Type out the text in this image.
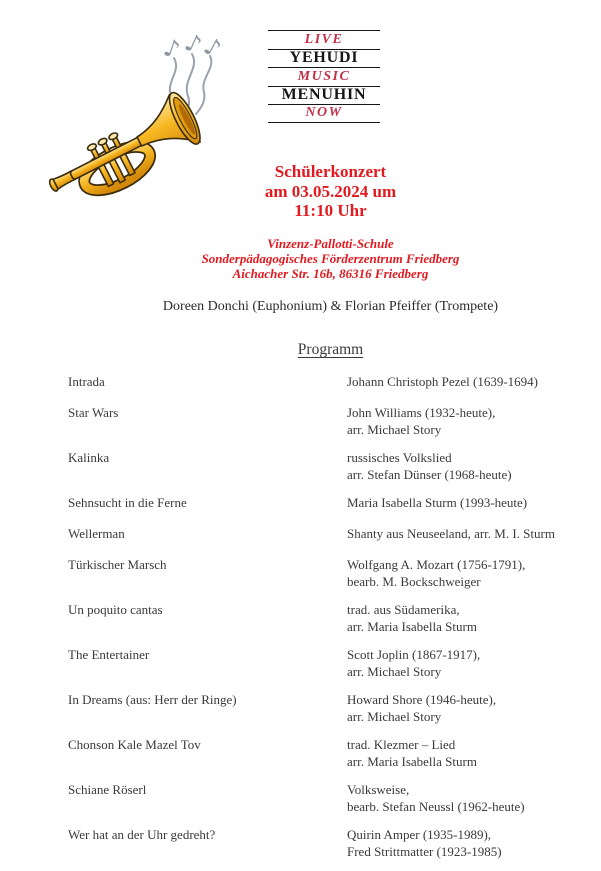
♪
♪
♪	LIVE
YEHUDI
MUSIC
MENUHIN
NOW
Schülerkonzert
am 03.05.2024 um
11:10 Uhr
Vinzenz-Pallotti-Schule
Sonderpädagogisches Förderzentrum Friedberg
Aichacher Str. 16b, 86316 Friedberg
Doreen Donchi (Euphonium) & Florian Pfeiffer (Trompete)
Programm
Intrada	Johann Christoph Pezel (1639-1694)
Star Wars	John Williams (1932-heute),
arr. Michael Story
Kalinka	russisches Volkslied
arr. Stefan Dünser (1968-heute)
Sehnsucht in die Ferne	Maria Isabella Sturm (1993-heute)
Wellerman	Shanty aus Neuseeland, arr. M. I. Sturm
Türkischer Marsch	Wolfgang A. Mozart (1756-1791),
bearb. M. Bockschweiger
Un poquito cantas	trad. aus Südamerika,
arr. Maria Isabella Sturm
The Entertainer	Scott Joplin (1867-1917),
arr. Michael Story
In Dreams (aus: Herr der Ringe)	Howard Shore (1946-heute),
arr. Michael Story
Chonson Kale Mazel Tov	trad. Klezmer – Lied
arr. Maria Isabella Sturm
Schiane Röserl	Volksweise,
bearb. Stefan Neussl (1962-heute)
Wer hat an der Uhr gedreht?	Quirin Amper (1935-1989),
Fred Strittmatter (1923-1985)
